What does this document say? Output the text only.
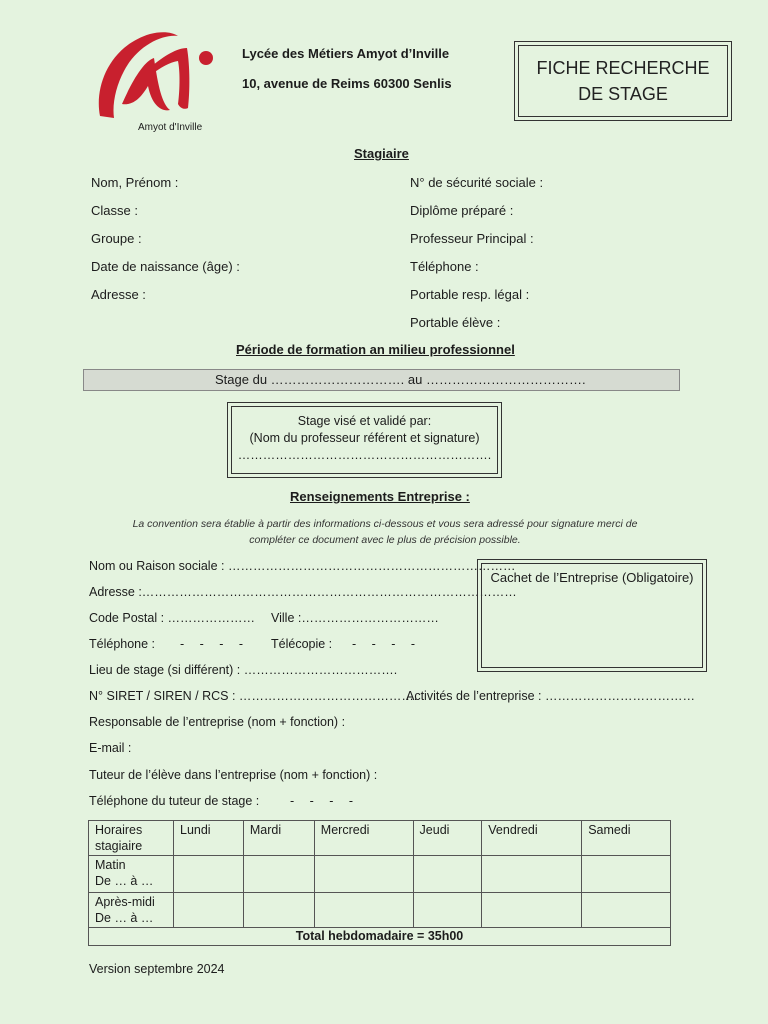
Amyot d'Inville
Lycée des Métiers Amyot d’Inville
10, avenue de Reims 60300 Senlis
FICHE RECHERCHE
DE STAGE
Stagiaire
Nom, Prénom :
Classe :
Groupe :
Date de naissance (âge) :
Adresse :
N° de sécurité sociale :
Diplôme préparé :
Professeur Principal :
Téléphone :
Portable resp. légal :
Portable élève :
Période de formation an milieu professionnel
Stage du …………………………. au ……………………………….
Stage visé et validé par:
(Nom du professeur référent et signature)
…………………………………………………….
Renseignements Entreprise :
La convention sera établie à partir des informations ci-dessous et vous sera adressé pour signature merci de
compléter ce document avec le plus de précision possible.
Nom ou Raison sociale : ……………………………………………………………
Adresse :………………………………………………………………………………
Code Postal : ………………… Ville :……………………………
Téléphone : - - - - Télécopie : - - - -
Lieu de stage (si différent) : ……………………………….
N° SIRET / SIREN / RCS : …………………………………….
Activités de l’entreprise : ………………………………
Responsable de l’entreprise (nom + fonction) :
E-mail :
Tuteur de l’élève dans l’entreprise (nom + fonction) :
Téléphone du tuteur de stage : - - - -
Cachet de l’Entreprise (Obligatoire)
Horaires stagiaire	Lundi	Mardi	Mercredi	Jeudi	Vendredi	Samedi

Matin
De … à …						

Après-midi
De … à …						

Total hebdomadaire = 35h00						
Version septembre 2024
